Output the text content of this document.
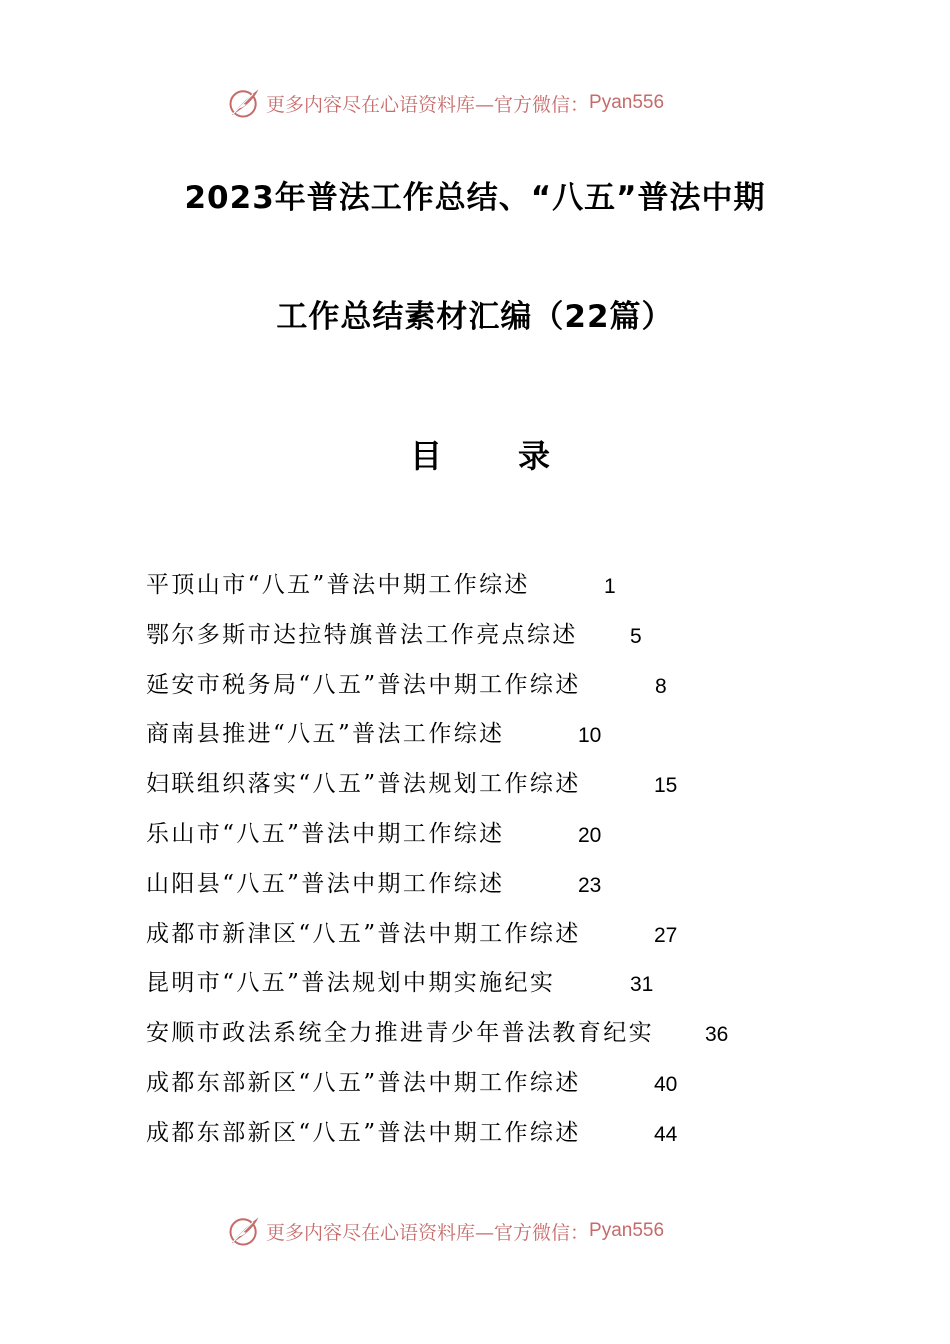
更多内容尽在心语资料库—官方微信： Pyan556
2023年普法工作总结、“八五”普法中期
工作总结素材汇编（22篇）
目 录
平顶山市“八五”普法中期工作综述	1
鄂尔多斯市达拉特旗普法工作亮点综述 5
延安市税务局“八五”普法中期工作综述	8
商南县推进“八五”普法工作综述	10
妇联组织落实“八五”普法规划工作综述	15
乐山市“八五”普法中期工作综述	20
山阳县“八五”普法中期工作综述	23
成都市新津区“八五”普法中期工作综述	27
昆明市“八五”普法规划中期实施纪实	31
安顺市政法系统全力推进青少年普法教育纪实 36
成都东部新区“八五”普法中期工作综述	40
成都东部新区“八五”普法中期工作综述	44
更多内容尽在心语资料库—官方微信： Pyan556
